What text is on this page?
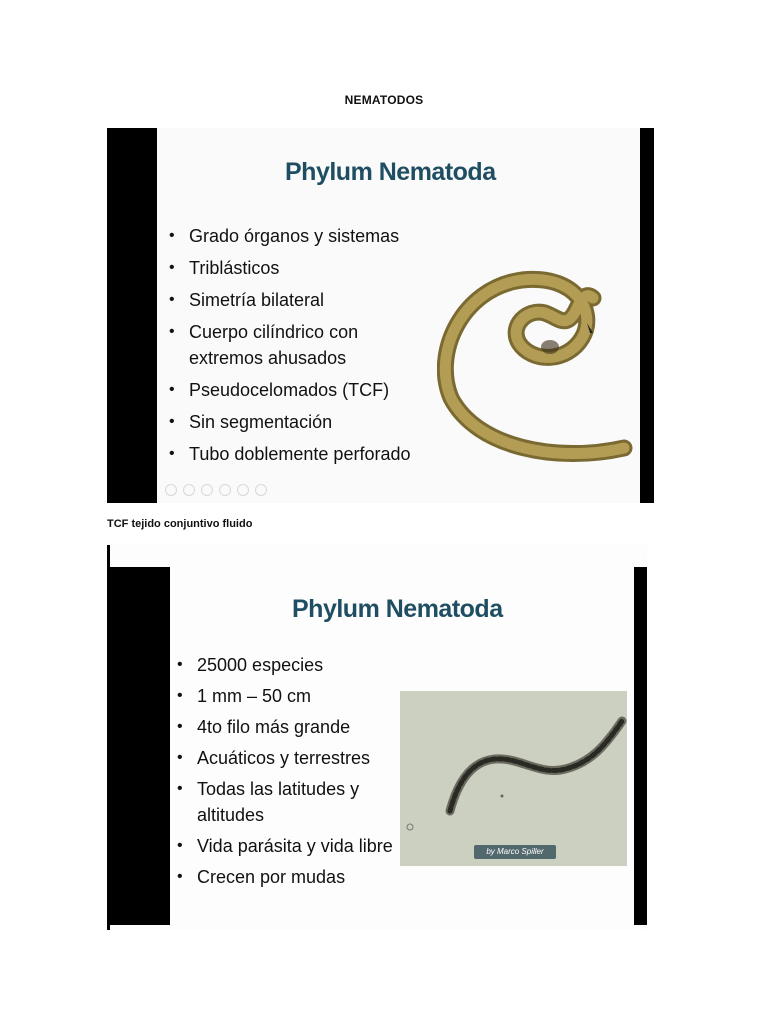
NEMATODOS
Phylum Nematoda
• Grado órganos y sistemas
• Triblásticos
• Simetría bilateral
• Cuerpo cilíndrico con
extremos ahusados
• Pseudocelomados (TCF)
• Sin segmentación
• Tubo doblemente perforado
TCF tejido conjuntivo fluido
Phylum Nematoda
• 25000 especies
• 1 mm – 50 cm
• 4to filo más grande
• Acuáticos y terrestres
• Todas las latitudes y
altitudes
• Vida parásita y vida libre
• Crecen por mudas
by Marco Spiller
